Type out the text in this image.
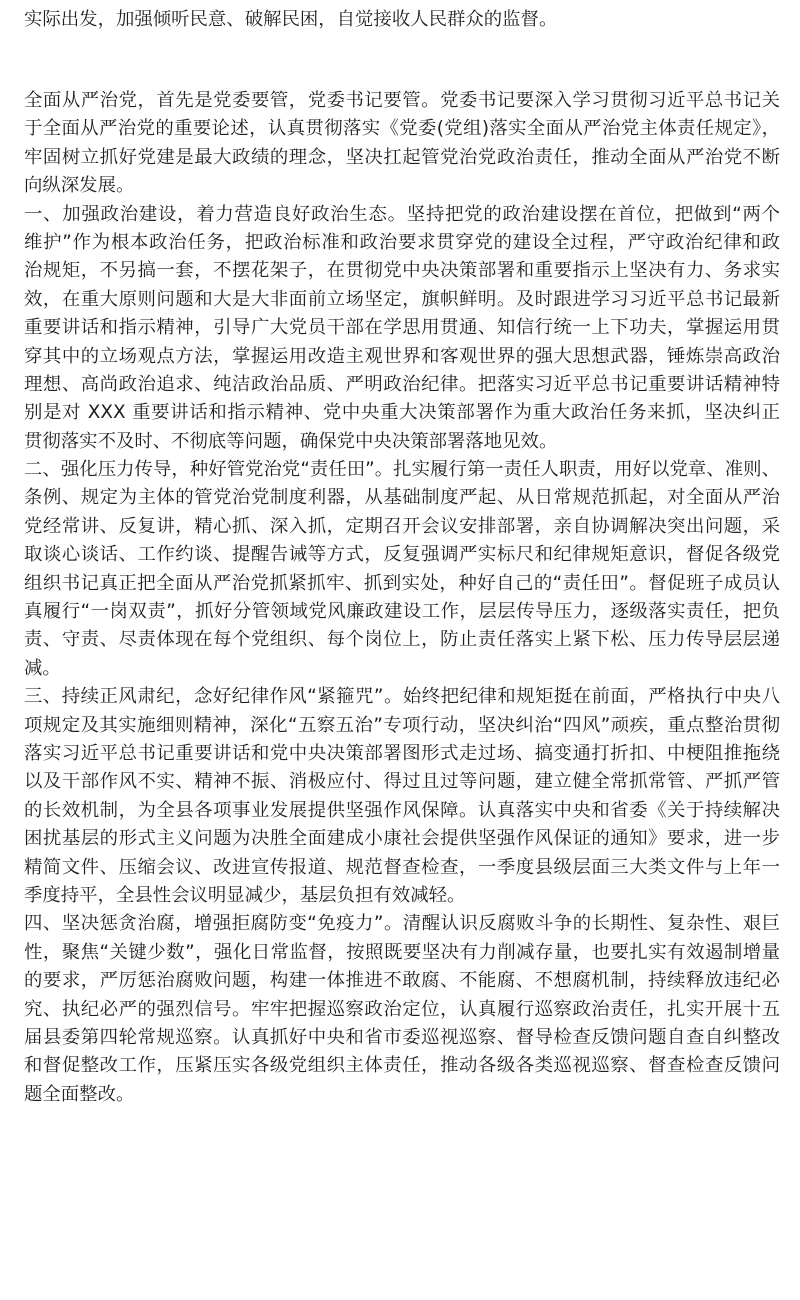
实际出发，加强倾听民意、破解民困，自觉接收人民群众的监督。
全面从严治党，首先是党委要管，党委书记要管。党委书记要深入学习贯彻习近平总书记关
于全面从严治党的重要论述，认真贯彻落实《党委(党组)落实全面从严治党主体责任规定》，
牢固树立抓好党建是最大政绩的理念，坚决扛起管党治党政治责任，推动全面从严治党不断
向纵深发展。
一、加强政治建设，着力营造良好政治生态。坚持把党的政治建设摆在首位，把做到“两个
维护”作为根本政治任务，把政治标准和政治要求贯穿党的建设全过程，严守政治纪律和政
治规矩，不另搞一套，不摆花架子，在贯彻党中央决策部署和重要指示上坚决有力、务求实
效，在重大原则问题和大是大非面前立场坚定，旗帜鲜明。及时跟进学习习近平总书记最新
重要讲话和指示精神，引导广大党员干部在学思用贯通、知信行统一上下功夫，掌握运用贯
穿其中的立场观点方法，掌握运用改造主观世界和客观世界的强大思想武器，锤炼崇高政治
理想、高尚政治追求、纯洁政治品质、严明政治纪律。把落实习近平总书记重要讲话精神特
别是对 XXX 重要讲话和指示精神、党中央重大决策部署作为重大政治任务来抓，坚决纠正
贯彻落实不及时、不彻底等问题，确保党中央决策部署落地见效。
二、强化压力传导，种好管党治党“责任田”。扎实履行第一责任人职责，用好以党章、准则、
条例、规定为主体的管党治党制度利器，从基础制度严起、从日常规范抓起，对全面从严治
党经常讲、反复讲，精心抓、深入抓，定期召开会议安排部署，亲自协调解决突出问题，采
取谈心谈话、工作约谈、提醒告诫等方式，反复强调严实标尺和纪律规矩意识，督促各级党
组织书记真正把全面从严治党抓紧抓牢、抓到实处，种好自己的“责任田”。督促班子成员认
真履行“一岗双责”，抓好分管领域党风廉政建设工作，层层传导压力，逐级落实责任，把负
责、守责、尽责体现在每个党组织、每个岗位上，防止责任落实上紧下松、压力传导层层递
减。
三、持续正风肃纪，念好纪律作风“紧箍咒”。始终把纪律和规矩挺在前面，严格执行中央八
项规定及其实施细则精神，深化“五察五治”专项行动，坚决纠治“四风”顽疾，重点整治贯彻
落实习近平总书记重要讲话和党中央决策部署图形式走过场、搞变通打折扣、中梗阻推拖绕
以及干部作风不实、精神不振、消极应付、得过且过等问题，建立健全常抓常管、严抓严管
的长效机制，为全县各项事业发展提供坚强作风保障。认真落实中央和省委《关于持续解决
困扰基层的形式主义问题为决胜全面建成小康社会提供坚强作风保证的通知》要求，进一步
精简文件、压缩会议、改进宣传报道、规范督查检查，一季度县级层面三大类文件与上年一
季度持平，全县性会议明显减少，基层负担有效减轻。
四、坚决惩贪治腐，增强拒腐防变“免疫力”。清醒认识反腐败斗争的长期性、复杂性、艰巨
性，聚焦“关键少数”，强化日常监督，按照既要坚决有力削减存量，也要扎实有效遏制增量
的要求，严厉惩治腐败问题，构建一体推进不敢腐、不能腐、不想腐机制，持续释放违纪必
究、执纪必严的强烈信号。牢牢把握巡察政治定位，认真履行巡察政治责任，扎实开展十五
届县委第四轮常规巡察。认真抓好中央和省市委巡视巡察、督导检查反馈问题自查自纠整改
和督促整改工作，压紧压实各级党组织主体责任，推动各级各类巡视巡察、督查检查反馈问
题全面整改。
